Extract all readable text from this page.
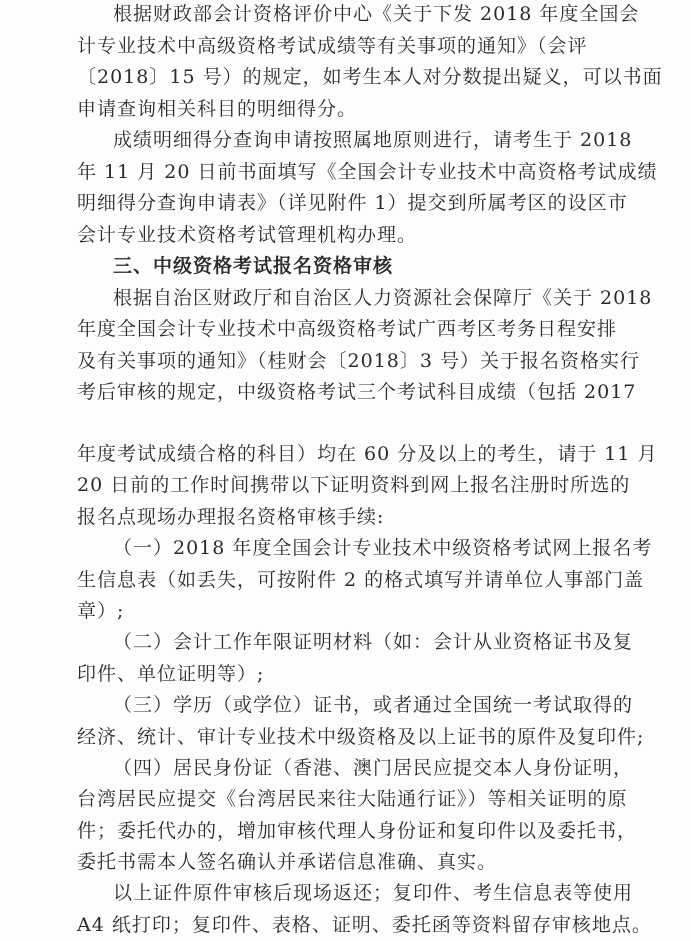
根据财政部会计资格评价中心《关于下发 2018 年度全国会
计专业技术中高级资格考试成绩等有关事项的通知》（会评
〔2018〕15 号）的规定，如考生本人对分数提出疑义，可以书面
申请查询相关科目的明细得分。
成绩明细得分查询申请按照属地原则进行，请考生于 2018
年 11 月 20 日前书面填写《全国会计专业技术中高资格考试成绩
明细得分查询申请表》（详见附件 1）提交到所属考区的设区市
会计专业技术资格考试管理机构办理。
三、中级资格考试报名资格审核
根据自治区财政厅和自治区人力资源社会保障厅《关于 2018
年度全国会计专业技术中高级资格考试广西考区考务日程安排
及有关事项的通知》（桂财会〔2018〕3 号）关于报名资格实行
考后审核的规定，中级资格考试三个考试科目成绩（包括 2017
年度考试成绩合格的科目）均在 60 分及以上的考生，请于 11 月
20 日前的工作时间携带以下证明资料到网上报名注册时所选的
报名点现场办理报名资格审核手续:
（一）2018 年度全国会计专业技术中级资格考试网上报名考
生信息表（如丢失，可按附件 2 的格式填写并请单位人事部门盖
章）;
（二）会计工作年限证明材料（如：会计从业资格证书及复
印件、单位证明等）;
（三）学历（或学位）证书，或者通过全国统一考试取得的
经济、统计、审计专业技术中级资格及以上证书的原件及复印件;
（四）居民身份证（香港、澳门居民应提交本人身份证明，
台湾居民应提交《台湾居民来往大陆通行证》）等相关证明的原
件；委托代办的，增加审核代理人身份证和复印件以及委托书，
委托书需本人签名确认并承诺信息准确、真实。
以上证件原件审核后现场返还；复印件、考生信息表等使用
A4 纸打印；复印件、表格、证明、委托函等资料留存审核地点。
